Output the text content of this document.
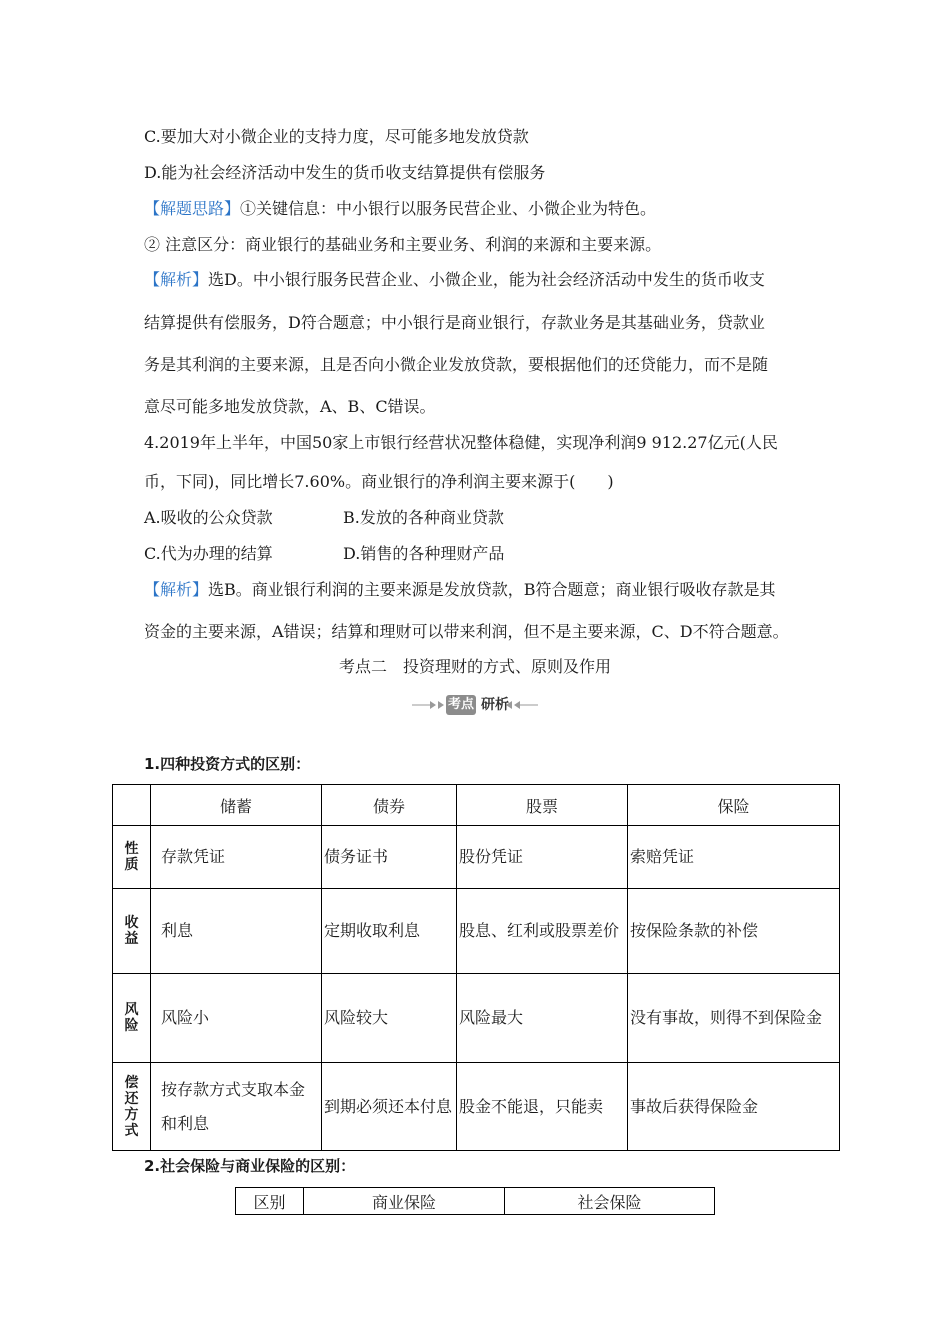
C.要加大对小微企业的支持力度，尽可能多地发放贷款
D.能为社会经济活动中发生的货币收支结算提供有偿服务
【解题思路】①关键信息：中小银行以服务民营企业、小微企业为特色。
② 注意区分：商业银行的基础业务和主要业务、利润的来源和主要来源。
【解析】选D。中小银行服务民营企业、小微企业，能为社会经济活动中发生的货币收支
结算提供有偿服务，D符合题意；中小银行是商业银行，存款业务是其基础业务，贷款业
务是其利润的主要来源，且是否向小微企业发放贷款，要根据他们的还贷能力，而不是随
意尽可能多地发放贷款，A、B、C错误。
4.2019年上半年，中国50家上市银行经营状况整体稳健，实现净利润9 912.27亿元(人民
币，下同)，同比增长7.60%。商业银行的净利润主要来源于(　　)
A.吸收的公众贷款	B.发放的各种商业贷款
C.代为办理的结算	D.销售的各种理财产品
【解析】选B。商业银行利润的主要来源是发放贷款，B符合题意；商业银行吸收存款是其
资金的主要来源，A错误；结算和理财可以带来利润，但不是主要来源，C、D不符合题意。
考点二　投资理财的方式、原则及作用
考点 研析
1.四种投资方式的区别：
	储蓄	债券	股票	保险

性质	存款凭证	债务证书	股份凭证	索赔凭证

收益	利息	定期收取利息	股息、红利或股票差价	按保险条款的补偿

风险	风险小	风险较大	风险最大	没有事故，则得不到保险金

偿还方式	按存款方式支取本金和利息	到期必须还本付息	股金不能退，只能卖	事故后获得保险金
2.社会保险与商业保险的区别：
区别	商业保险	社会保险
